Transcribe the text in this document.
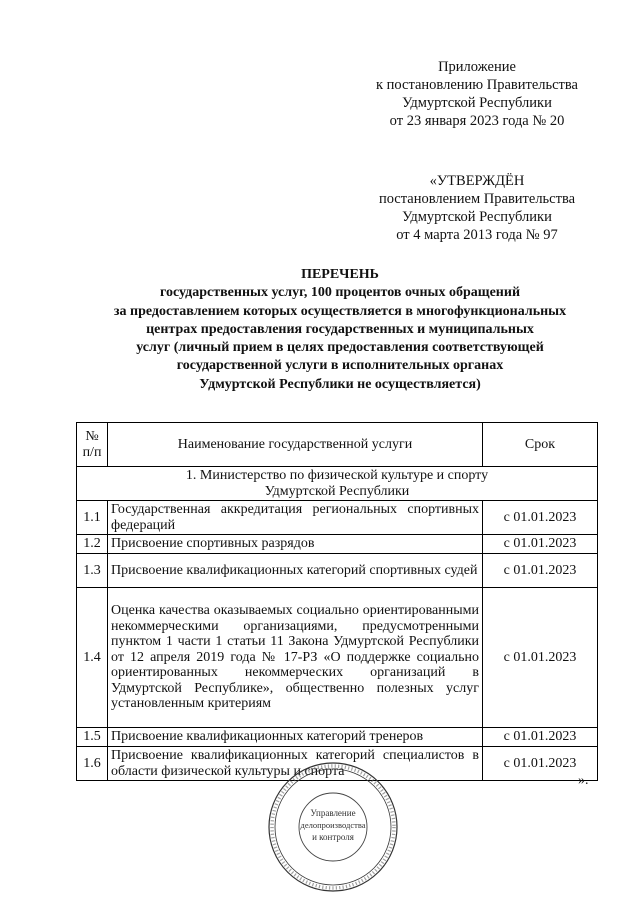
Приложение
к постановлению Правительства
Удмуртской Республики
от 23 января 2023 года № 20
«УТВЕРЖДЁН
постановлением Правительства
Удмуртской Республики
от 4 марта 2013 года № 97
ПЕРЕЧЕНЬ
государственных услуг, 100 процентов очных обращений
за предоставлением которых осуществляется в многофункциональных
центрах предоставления государственных и муниципальных
услуг (личный прием в целях предоставления соответствующей
государственной услуги в исполнительных органах
Удмуртской Республики не осуществляется)
№ п/п	Наименование государственной услуги	Срок

1. Министерство по физической культуре и спорту Удмуртской Республики		

1.1	Государственная аккредитация региональных спортивных федераций	с 01.01.2023
1.2	Присвоение спортивных разрядов	с 01.01.2023
1.3	Присвоение квалификационных категорий спортивных судей	с 01.01.2023
1.4	Оценка качества оказываемых социально ориентированными некоммерческими организациями, предусмотренными пунктом 1 части 1 статьи 11 Закона Удмуртской Республики от 12 апреля 2019 года № 17-РЗ «О поддержке социально ориентированных некоммерческих организаций в Удмуртской Республике», общественно полезных услуг установленным критериям	с 01.01.2023
1.5	Присвоение квалификационных категорий тренеров	с 01.01.2023
1.6	Присвоение квалификационных категорий специалистов в области физической культуры и спорта	с 01.01.2023
».
Управление
делопроизводства
и контроля
